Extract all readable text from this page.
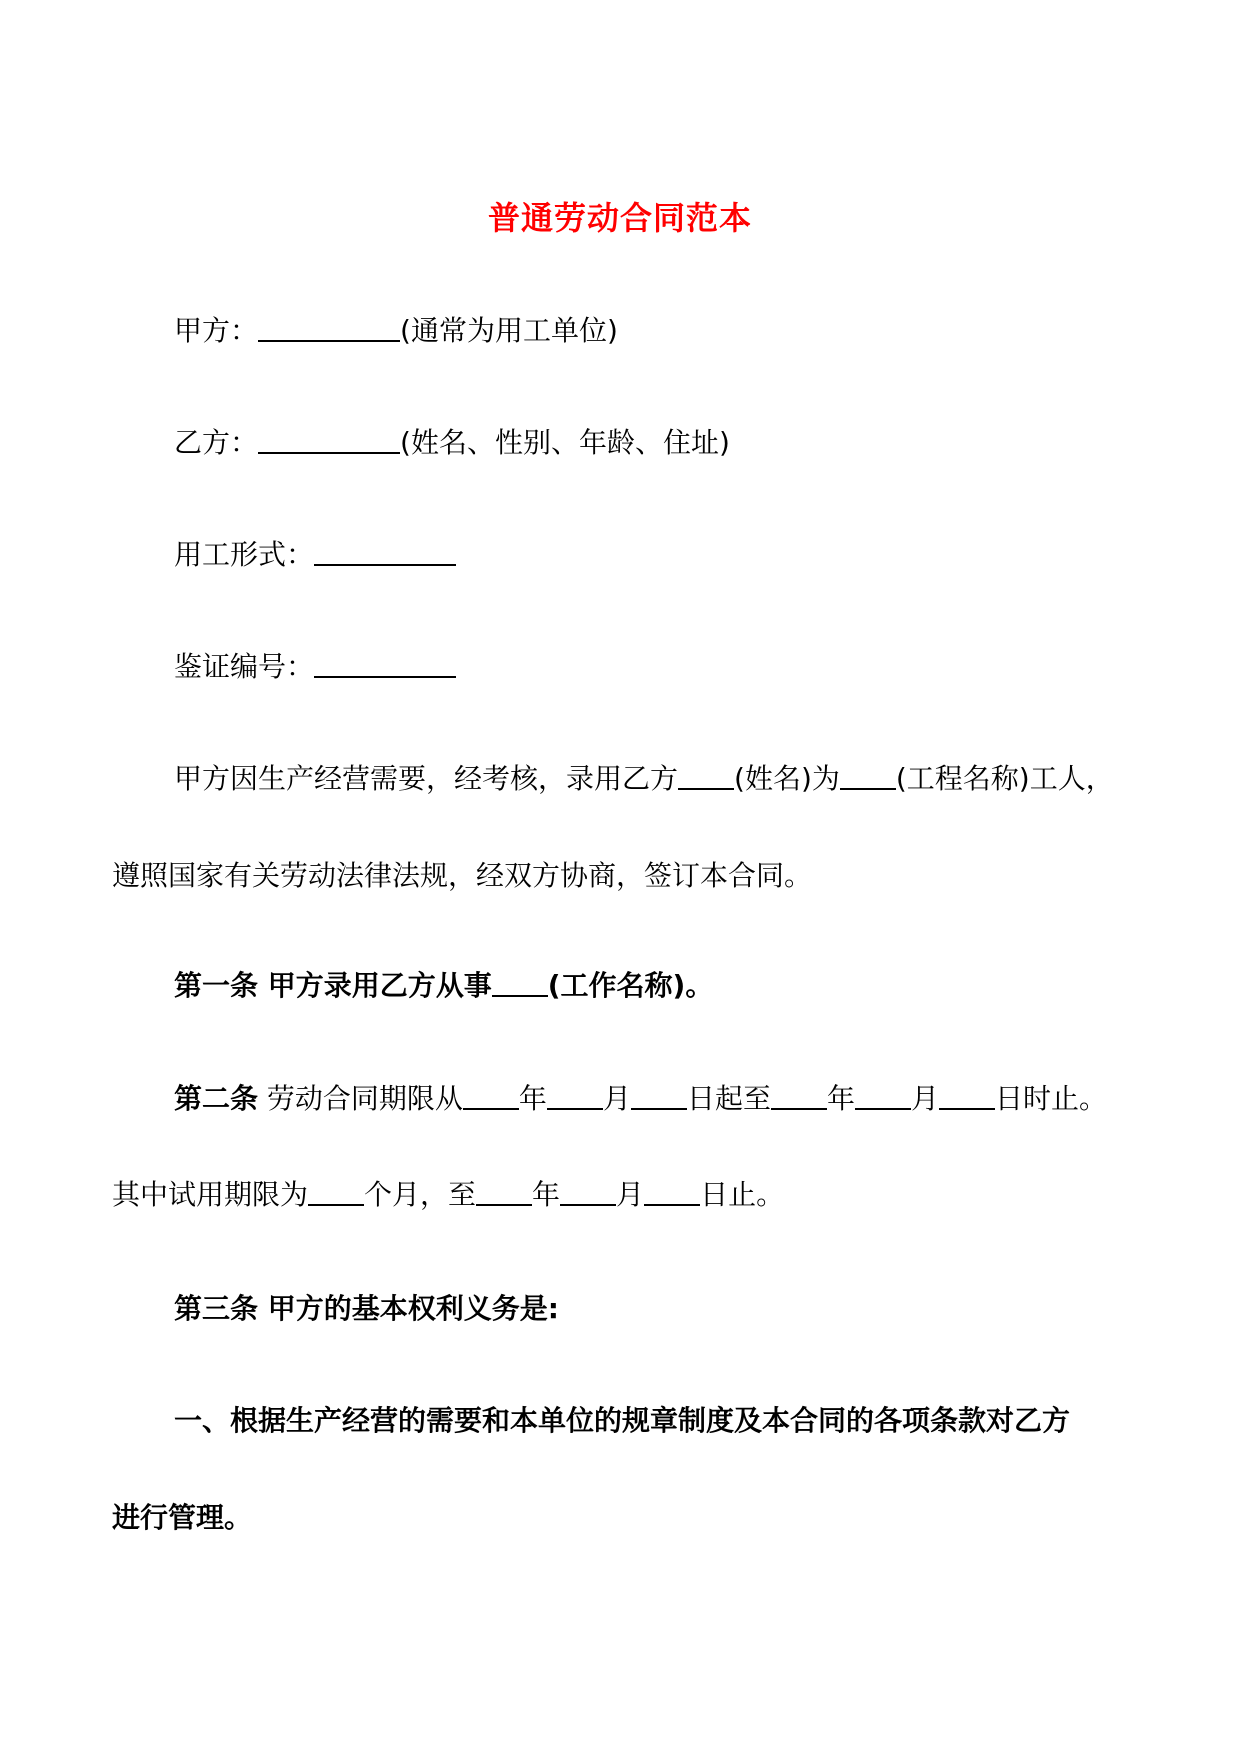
普通劳动合同范本
甲方：	(通常为用工单位)
乙方：	(姓名、性别、年龄、住址)
用工形式：
鉴证编号：
甲方因生产经营需要，经考核，录用乙方 (姓名)为 (工程名称)工人，
遵照国家有关劳动法律法规，经双方协商，签订本合同。
第一条 甲方录用乙方从事 (工作名称)。
第二条 劳动合同期限从 年 月 日起至 年 月 日时止。
其中试用期限为 个月，至 年 月 日止。
第三条 甲方的基本权利义务是:
一、根据生产经营的需要和本单位的规章制度及本合同的各项条款对乙方
进行管理。
